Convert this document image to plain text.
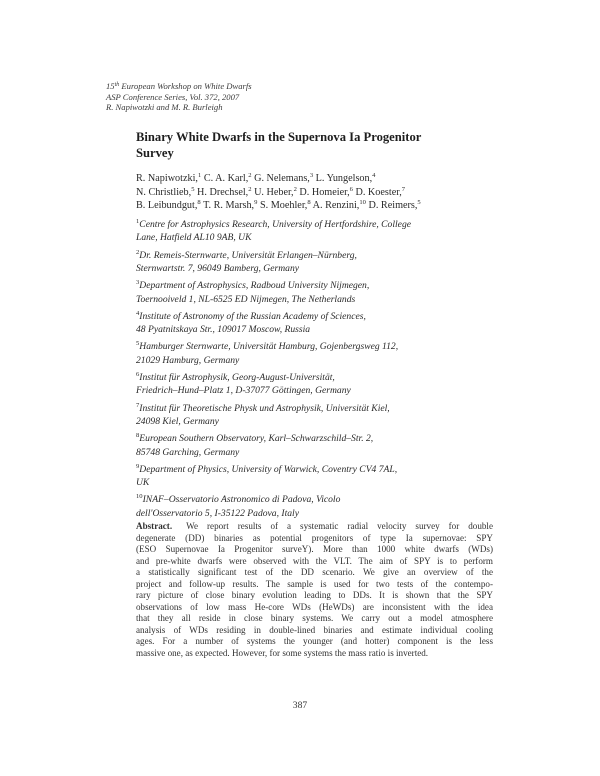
15th European Workshop on White Dwarfs
ASP Conference Series, Vol. 372, 2007
R. Napiwotzki and M. R. Burleigh
Binary White Dwarfs in the Supernova Ia Progenitor
Survey
R. Napiwotzki,$^1$ C. A. Karl,$^2$ G. Nelemans,$^3$ L. Yungelson,$^4$
N. Christlieb,$^5$ H. Drechsel,$^2$ U. Heber,$^2$ D. Homeier,$^6$ D. Koester,$^7$
B. Leibundgut,$^8$ T. R. Marsh,$^9$ S. Moehler,$^8$ A. Renzini,$^{10}$ D. Reimers,$^5$
$^1$Centre for Astrophysics Research, University of Hertfordshire, College
Lane, Hatfield AL10 9AB, UK
$^2$Dr. Remeis-Sternwarte, Universität Erlangen–Nürnberg,
Sternwartstr. 7, 96049 Bamberg, Germany
$^3$Department of Astrophysics, Radboud University Nijmegen,
Toernooiveld 1, NL-6525 ED Nijmegen, The Netherlands
$^4$Institute of Astronomy of the Russian Academy of Sciences,
48 Pyatnitskaya Str., 109017 Moscow, Russia
$^5$Hamburger Sternwarte, Universität Hamburg, Gojenbergsweg 112,
21029 Hamburg, Germany
$^6$Institut für Astrophysik, Georg-August-Universität,
Friedrich–Hund–Platz 1, D-37077 Göttingen, Germany
$^7$Institut für Theoretische Physk und Astrophysik, Universität Kiel,
24098 Kiel, Germany
$^8$European Southern Observatory, Karl–Schwarzschild–Str. 2,
85748 Garching, Germany
$^9$Department of Physics, University of Warwick, Coventry CV4 7AL,
UK
$^{10}$INAF–Osservatorio Astronomico di Padova, Vicolo
dell'Osservatorio 5, I-35122 Padova, Italy
Abstract. We report results of a systematic radial velocity survey for double
degenerate (DD) binaries as potential progenitors of type Ia supernovae: SPY
(ESO Supernovae Ia Progenitor surveY). More than 1000 white dwarfs (WDs)
and pre-white dwarfs were observed with the VLT. The aim of SPY is to perform
a statistically significant test of the DD scenario. We give an overview of the
project and follow-up results. The sample is used for two tests of the contempo-
rary picture of close binary evolution leading to DDs. It is shown that the SPY
observations of low mass He-core WDs (HeWDs) are inconsistent with the idea
that they all reside in close binary systems. We carry out a model atmosphere
analysis of WDs residing in double-lined binaries and estimate individual cooling
ages. For a number of systems the younger (and hotter) component is the less
massive one, as expected. However, for some systems the mass ratio is inverted.
387
